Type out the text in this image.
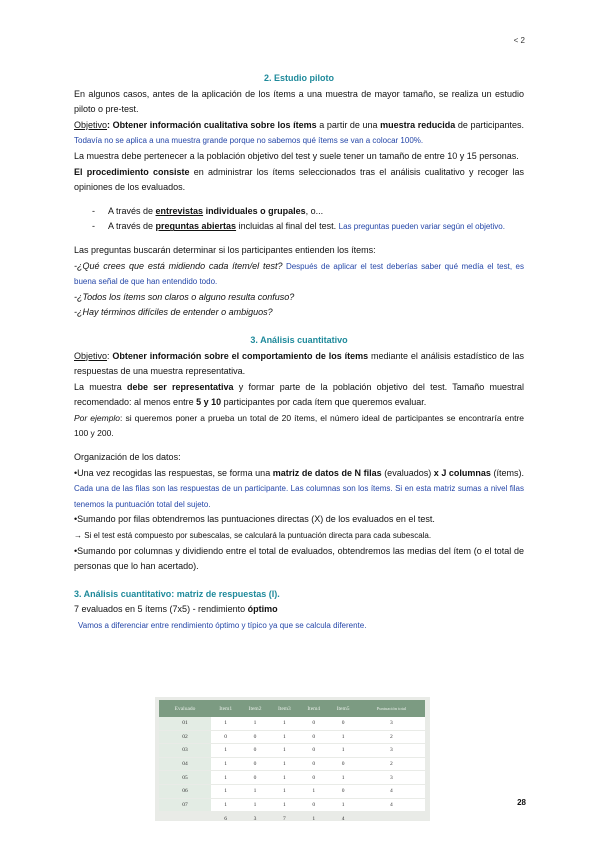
< 2

2. Estudio piloto

En algunos casos, antes de la aplicación de los ítems a una muestra de mayor tamaño, se realiza un estudio piloto o pre-test.

Objetivo: Obtener información cualitativa sobre los ítems a partir de una muestra reducida de participantes. Todavía no se aplica a una muestra grande porque no sabemos qué ítems se van a colocar 100%.

La muestra debe pertenecer a la población objetivo del test y suele tener un tamaño de entre 10 y 15 personas.

El procedimiento consiste en administrar los ítems seleccionados tras el análisis cualitativo y recoger las opiniones de los evaluados.

- A través de entrevistas individuales o grupales, o...
- A través de preguntas abiertas incluidas al final del test. Las preguntas pueden variar según el objetivo.

Las preguntas buscarán determinar si los participantes entienden los ítems:

-¿Qué crees que está midiendo cada ítem/el test? Después de aplicar el test deberías saber qué medía el test, es buena señal de que han entendido todo.

-¿Todos los ítems son claros o alguno resulta confuso?

-¿Hay términos difíciles de entender o ambiguos?

3. Análisis cuantitativo

Objetivo: Obtener información sobre el comportamiento de los ítems mediante el análisis estadístico de las respuestas de una muestra representativa.

La muestra debe ser representativa y formar parte de la población objetivo del test. Tamaño muestral recomendado: al menos entre 5 y 10 participantes por cada ítem que queremos evaluar.

Por ejemplo: si queremos poner a prueba un total de 20 ítems, el número ideal de participantes se encontraría entre 100 y 200.

Organización de los datos:

•Una vez recogidas las respuestas, se forma una matriz de datos de N filas (evaluados) x J columnas (ítems). Cada una de las filas son las respuestas de un participante. Las columnas son los ítems. Si en esta matriz sumas a nivel filas tenemos la puntuación total del sujeto.

•Sumando por filas obtendremos las puntuaciones directas (X) de los evaluados en el test.

→ Si el test está compuesto por subescalas, se calculará la puntuación directa para cada subescala.

•Sumando por columnas y dividiendo entre el total de evaluados, obtendremos las medias del ítem (o el total de personas que lo han acertado).

3. Análisis cuantitativo: matriz de respuestas (I).

7 evaluados en 5 ítems (7x5) - rendimiento óptimo

Vamos a diferenciar entre rendimiento óptimo y típico ya que se calcula diferente.

Evaluado	Item1	Item2	Item3	Item4	Item5	Puntuación total
01	1	1	1	0	0	3
02	0	0	1	0	1	2
03	1	0	1	0	1	3
04	1	0	1	0	0	2
05	1	0	1	0	1	3
06	1	1	1	1	0	4
07	1	1	1	0	1	4
	6	3	7	1	4	
28
